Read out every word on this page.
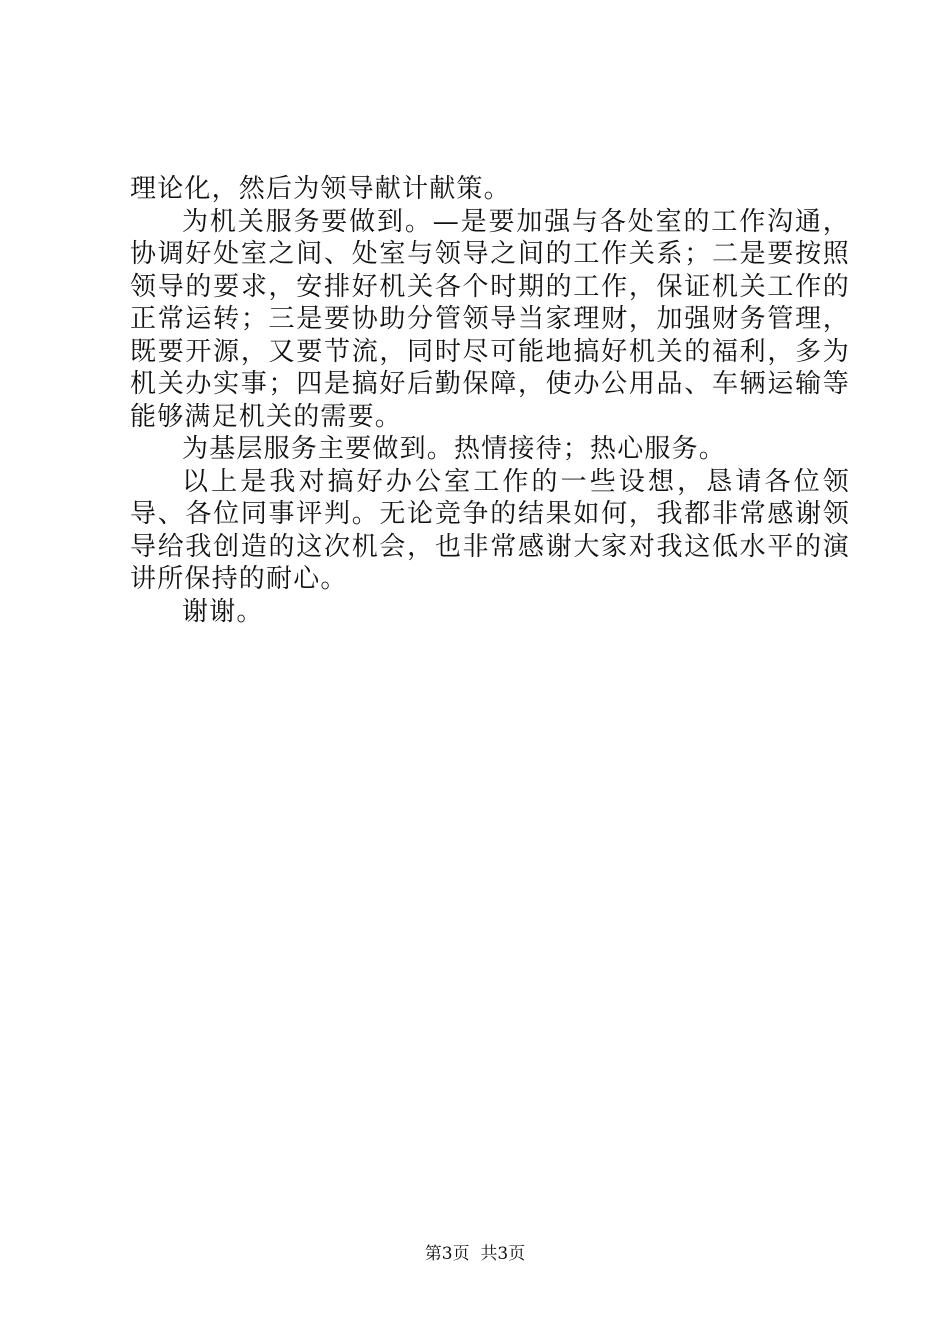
理论化，然后为领导献计献策。

为机关服务要做到。—是要加强与各处室的工作沟通，协调好处室之间、处室与领导之间的工作关系；二是要按照领导的要求，安排好机关各个时期的工作，保证机关工作的正常运转；三是要协助分管领导当家理财，加强财务管理，既要开源，又要节流，同时尽可能地搞好机关的福利，多为机关办实事；四是搞好后勤保障，使办公用品、车辆运输等能够满足机关的需要。

为基层服务主要做到。热情接待；热心服务。

以上是我对搞好办公室工作的一些设想，恳请各位领导、各位同事评判。无论竞争的结果如何，我都非常感谢领导给我创造的这次机会，也非常感谢大家对我这低水平的演讲所保持的耐心。

谢谢。

第3页  共3页
